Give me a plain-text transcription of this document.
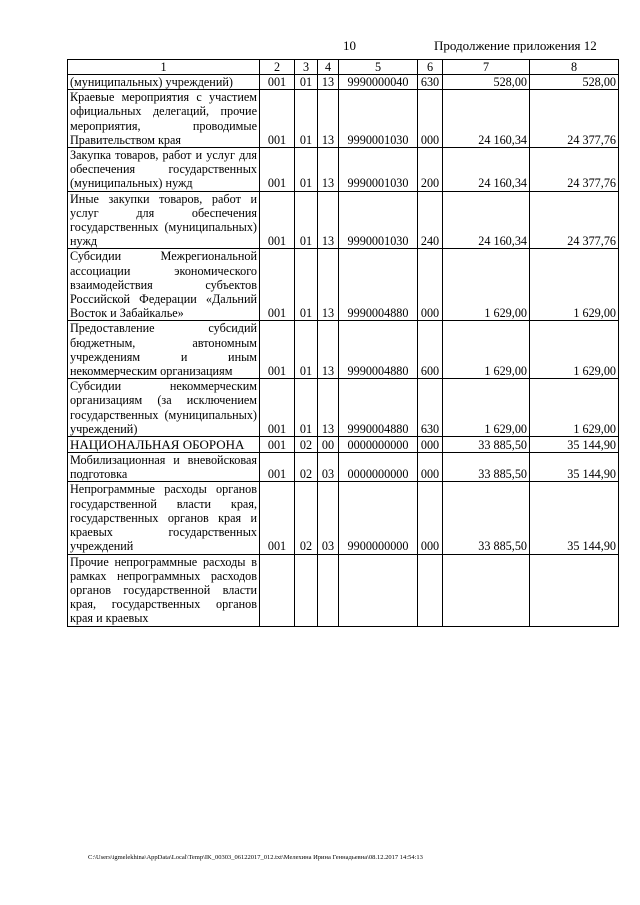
10	Продолжение приложения 12
1	2	3	4	5	6	7	8
(муниципальных) учреждений)	001	01	13	9990000040	630	528,00	528,00
Краевые мероприятия с участием официальных делегаций, прочие мероприятия, проводимые Правительством края	001	01	13	9990001030	000	24 160,34	24 377,76
Закупка товаров, работ и услуг для обеспечения государственных (муниципальных) нужд	001	01	13	9990001030	200	24 160,34	24 377,76
Иные закупки товаров, работ и услуг для обеспечения государственных (муниципальных) нужд	001	01	13	9990001030	240	24 160,34	24 377,76
Субсидии Межрегиональной ассоциации экономического взаимодействия субъектов Российской Федерации «Дальний Восток и Забайкалье»	001	01	13	9990004880	000	1 629,00	1 629,00
Предоставление субсидий бюджетным, автономным учреждениям и иным некоммерческим организациям	001	01	13	9990004880	600	1 629,00	1 629,00
Субсидии некоммерческим организациям (за исключением государственных (муниципальных) учреждений)	001	01	13	9990004880	630	1 629,00	1 629,00
НАЦИОНАЛЬНАЯ ОБОРОНА	001	02	00	0000000000	000	33 885,50	35 144,90
Мобилизационная и вневойсковая подготовка	001	02	03	0000000000	000	33 885,50	35 144,90
Непрограммные расходы органов государственной власти края, государственных органов края и краевых государственных учреждений	001	02	03	9900000000	000	33 885,50	35 144,90
Прочие непрограммные расходы в рамках непрограммных расходов органов государственной власти края, государственных органов края и краевых							
C:\Users\igmelekhina\AppData\Local\Temp\IK_00303_06122017_012.txt\Мелехина Ирина Геннадьевна\08.12.2017 14:54:13
